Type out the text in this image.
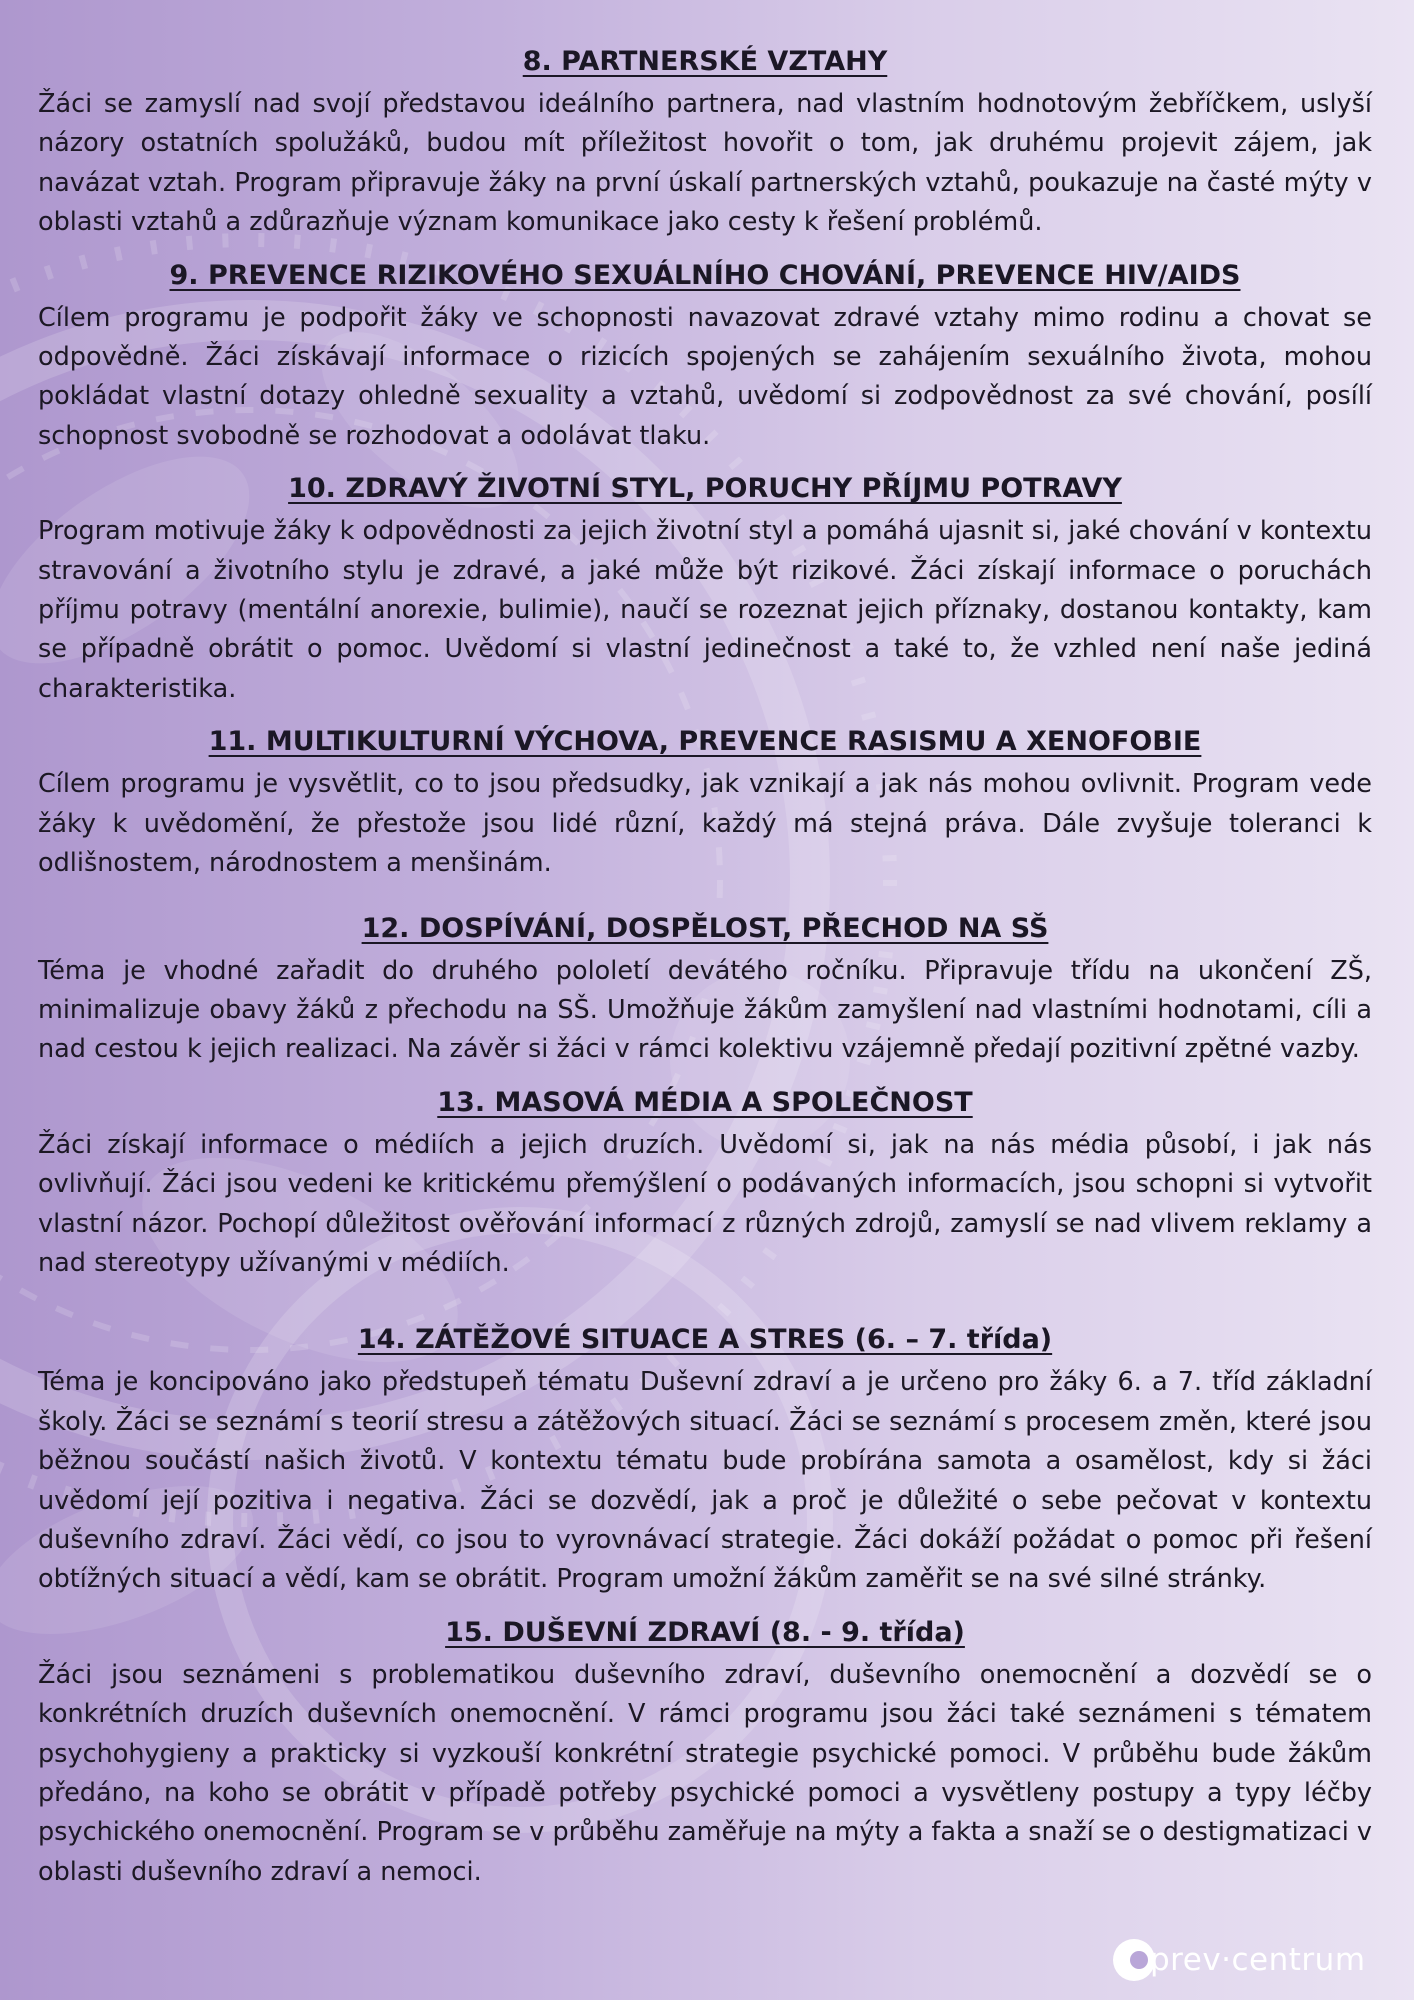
8. PARTNERSKÉ VZTAHY

Žáci se zamyslí nad svojí představou ideálního partnera, nad vlastním hodnotovým žebříčkem, uslyší názory ostatních spolužáků, budou mít příležitost hovořit o tom, jak druhému projevit zájem, jak navázat vztah. Program připravuje žáky na první úskalí partnerských vztahů, poukazuje na časté mýty v oblasti vztahů a zdůrazňuje význam komunikace jako cesty k řešení problémů.

9. PREVENCE RIZIKOVÉHO SEXUÁLNÍHO CHOVÁNÍ, PREVENCE HIV/AIDS

Cílem programu je podpořit žáky ve schopnosti navazovat zdravé vztahy mimo rodinu a chovat se odpovědně. Žáci získávají informace o rizicích spojených se zahájením sexuálního života, mohou pokládat vlastní dotazy ohledně sexuality a vztahů, uvědomí si zodpovědnost za své chování, posílí schopnost svobodně se rozhodovat a odolávat tlaku.

10. ZDRAVÝ ŽIVOTNÍ STYL, PORUCHY PŘÍJMU POTRAVY

Program motivuje žáky k odpovědnosti za jejich životní styl a pomáhá ujasnit si, jaké chování v kontextu stravování a životního stylu je zdravé, a jaké může být rizikové. Žáci získají informace o poruchách příjmu potravy (mentální anorexie, bulimie), naučí se rozeznat jejich příznaky, dostanou kontakty, kam se případně obrátit o pomoc. Uvědomí si vlastní jedinečnost a také to, že vzhled není naše jediná charakteristika.

11. MULTIKULTURNÍ VÝCHOVA, PREVENCE RASISMU A XENOFOBIE

Cílem programu je vysvětlit, co to jsou předsudky, jak vznikají a jak nás mohou ovlivnit. Program vede žáky k uvědomění, že přestože jsou lidé různí, každý má stejná práva. Dále zvyšuje toleranci k odlišnostem, národnostem a menšinám.

12. DOSPÍVÁNÍ, DOSPĚLOST, PŘECHOD NA SŠ

Téma je vhodné zařadit do druhého pololetí devátého ročníku. Připravuje třídu na ukončení ZŠ, minimalizuje obavy žáků z přechodu na SŠ. Umožňuje žákům zamyšlení nad vlastními hodnotami, cíli a nad cestou k jejich realizaci. Na závěr si žáci v rámci kolektivu vzájemně předají pozitivní zpětné vazby.

13. MASOVÁ MÉDIA A SPOLEČNOST

Žáci získají informace o médiích a jejich druzích. Uvědomí si, jak na nás média působí, i jak nás ovlivňují. Žáci jsou vedeni ke kritickému přemýšlení o podávaných informacích, jsou schopni si vytvořit vlastní názor. Pochopí důležitost ověřování informací z různých zdrojů, zamyslí se nad vlivem reklamy a nad stereotypy užívanými v médiích.

14. ZÁTĚŽOVÉ SITUACE A STRES (6. – 7. třída)

Téma je koncipováno jako předstupeň tématu Duševní zdraví a je určeno pro žáky 6. a 7. tříd základní školy. Žáci se seznámí s teorií stresu a zátěžových situací. Žáci se seznámí s procesem změn, které jsou běžnou součástí našich životů. V kontextu tématu bude probírána samota a osamělost, kdy si žáci uvědomí její pozitiva i negativa. Žáci se dozvědí, jak a proč je důležité o sebe pečovat v kontextu duševního zdraví. Žáci vědí, co jsou to vyrovnávací strategie. Žáci dokáží požádat o pomoc při řešení obtížných situací a vědí, kam se obrátit. Program umožní žákům zaměřit se na své silné stránky.

15. DUŠEVNÍ ZDRAVÍ (8. - 9. třída)

Žáci jsou seznámeni s problematikou duševního zdraví, duševního onemocnění a dozvědí se o konkrétních druzích duševních onemocnění. V rámci programu jsou žáci také seznámeni s tématem psychohygieny a prakticky si vyzkouší konkrétní strategie psychické pomoci. V průběhu bude žákům předáno, na koho se obrátit v případě potřeby psychické pomoci a vysvětleny postupy a typy léčby psychického onemocnění. Program se v průběhu zaměřuje na mýty a fakta a snaží se o destigmatizaci v oblasti duševního zdraví a nemoci.

prev·centrum
